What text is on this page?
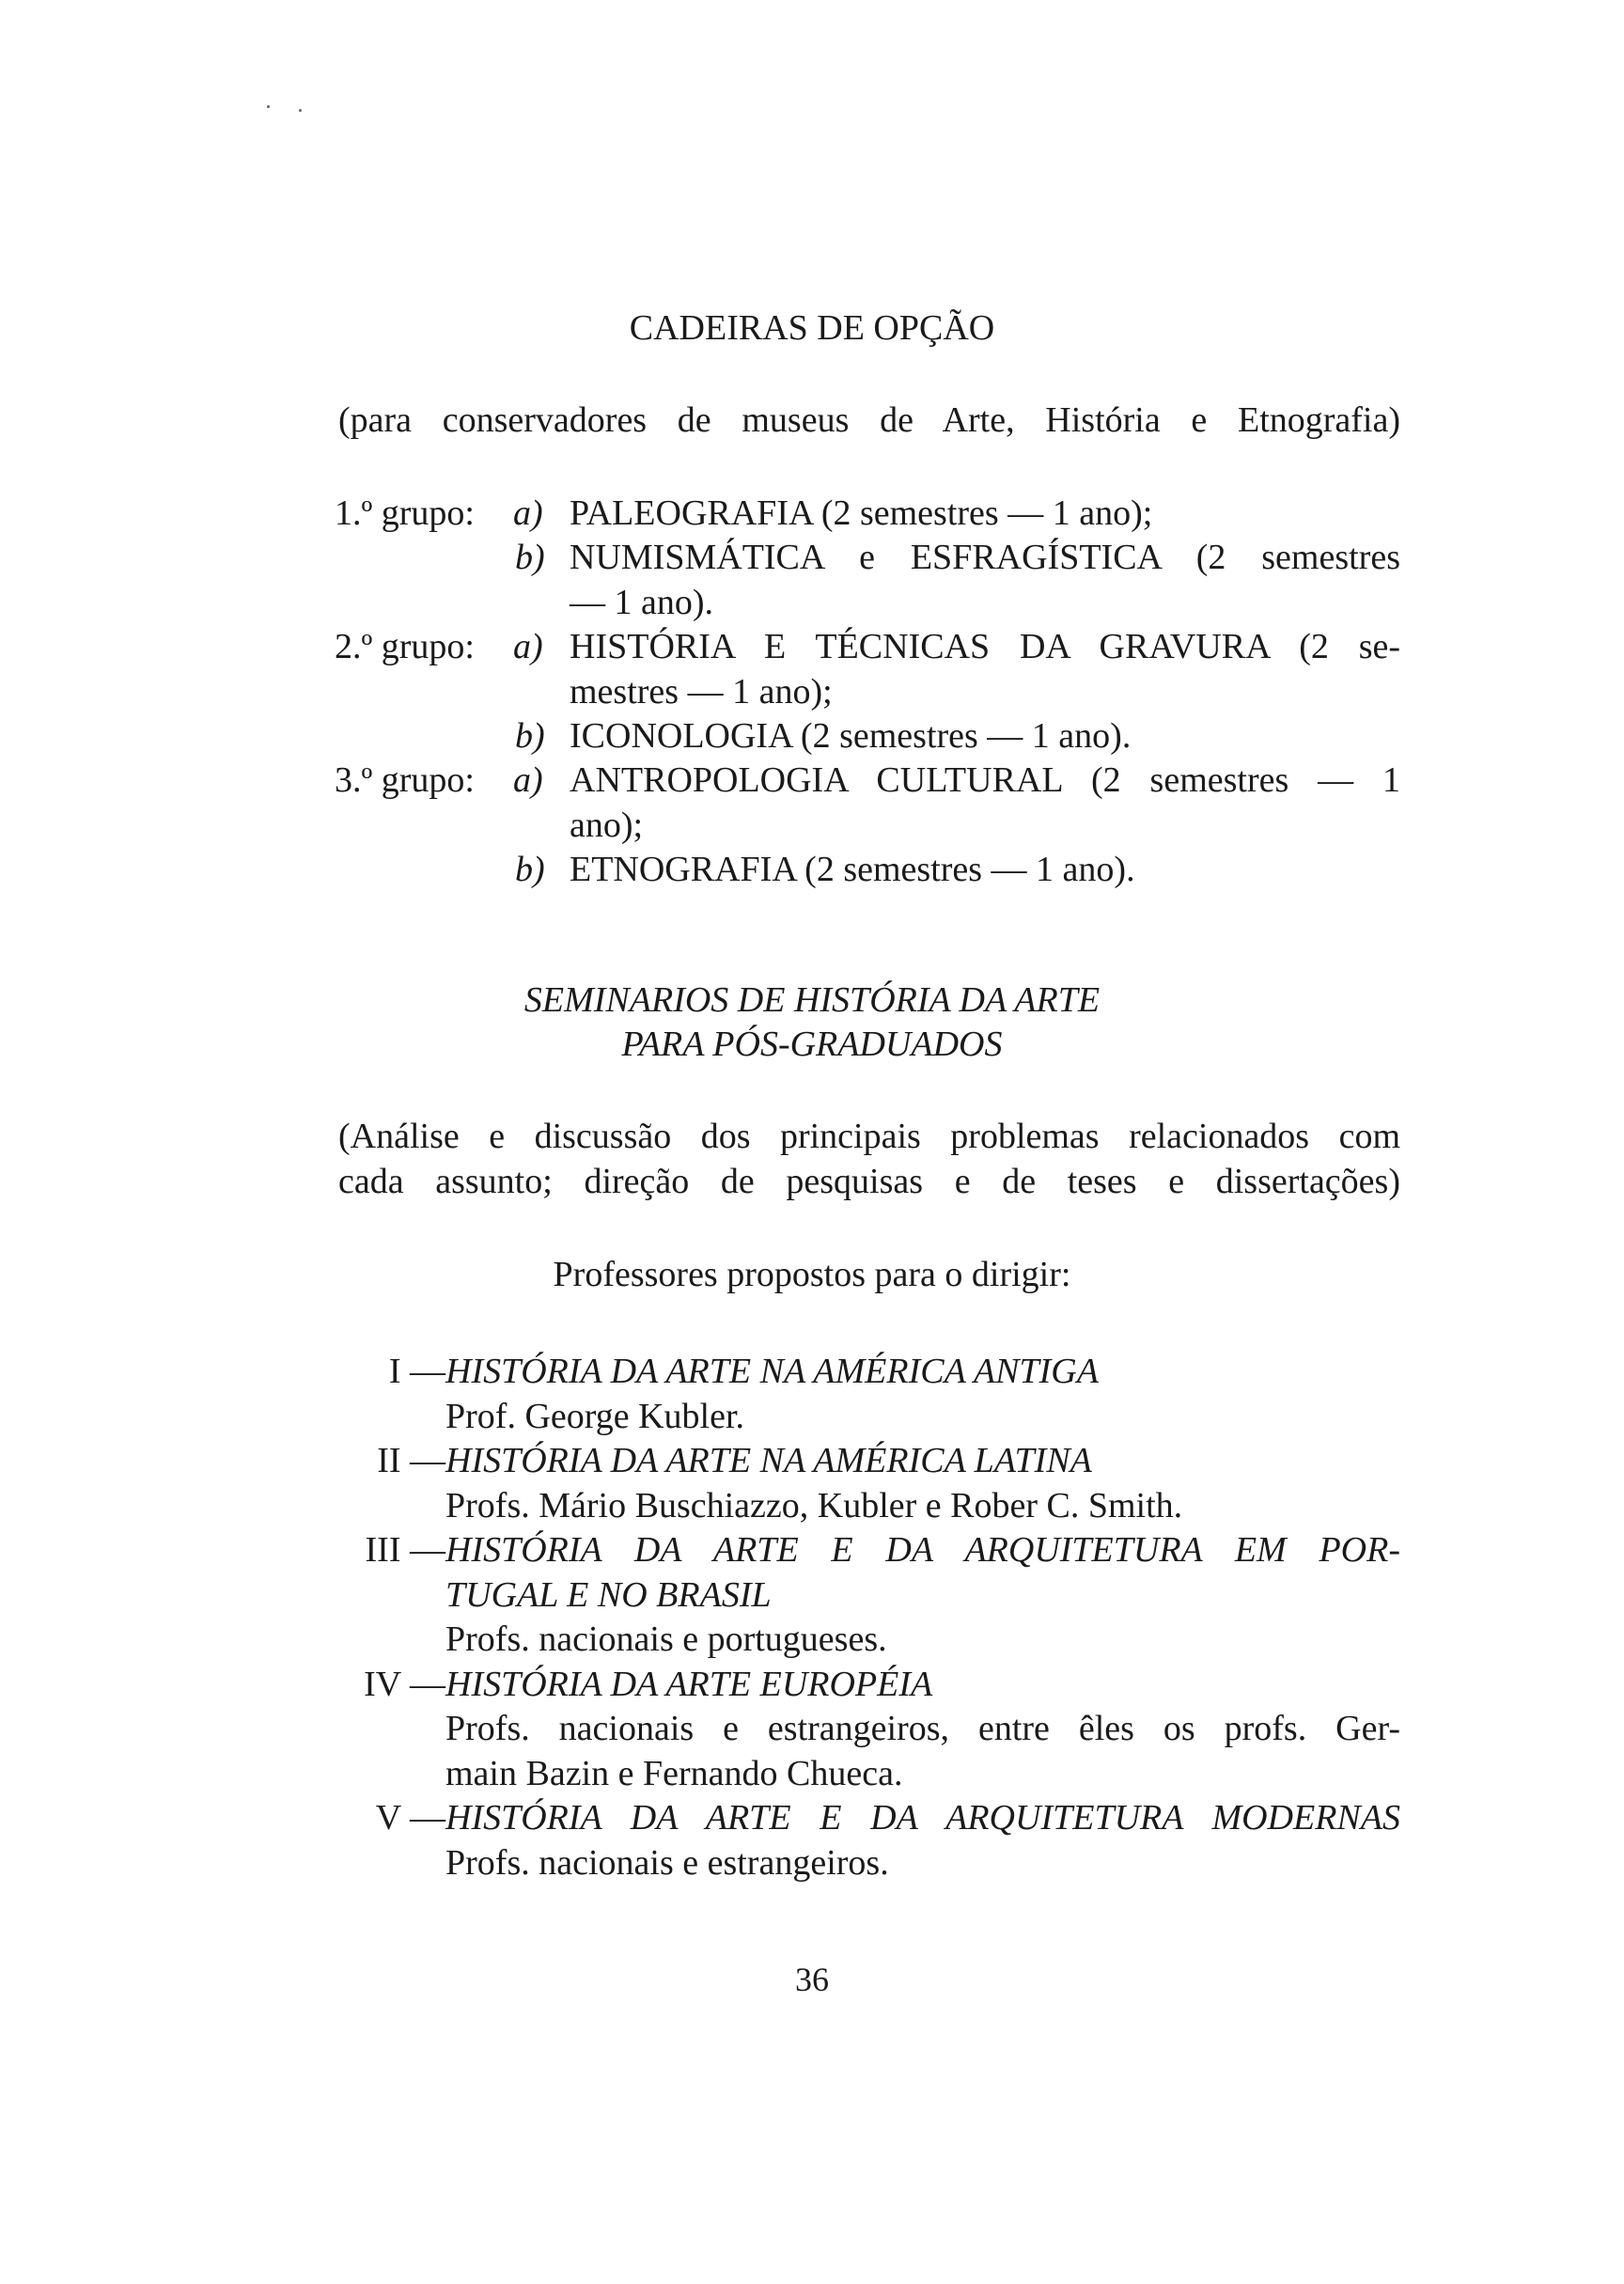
CADEIRAS DE OPÇÃO
(para conservadores de museus de Arte, História e Etnografia)
1.º grupo: a) PALEOGRAFIA (2 semestres — 1 ano);
b) NUMISMÁTICA e ESFRAGÍSTICA (2 semestres
— 1 ano).
2.º grupo: a) HISTÓRIA E TÉCNICAS DA GRAVURA (2 se-
mestres — 1 ano);
b) ICONOLOGIA (2 semestres — 1 ano).
3.º grupo: a) ANTROPOLOGIA CULTURAL (2 semestres — 1
ano);
b) ETNOGRAFIA (2 semestres — 1 ano).
SEMINARIOS DE HISTÓRIA DA ARTE
PARA PÓS-GRADUADOS
(Análise e discussão dos principais problemas relacionados com
cada assunto; direção de pesquisas e de teses e dissertações)
Professores propostos para o dirigir:
I — HISTÓRIA DA ARTE NA AMÉRICA ANTIGA
Prof. George Kubler.
II — HISTÓRIA DA ARTE NA AMÉRICA LATINA
Profs. Mário Buschiazzo, Kubler e Rober C. Smith.
III — HISTÓRIA DA ARTE E DA ARQUITETURA EM POR-
TUGAL E NO BRASIL
Profs. nacionais e portugueses.
IV — HISTÓRIA DA ARTE EUROPÉIA
Profs. nacionais e estrangeiros, entre êles os profs. Ger-
main Bazin e Fernando Chueca.
V — HISTÓRIA DA ARTE E DA ARQUITETURA MODERNAS
Profs. nacionais e estrangeiros.
36
